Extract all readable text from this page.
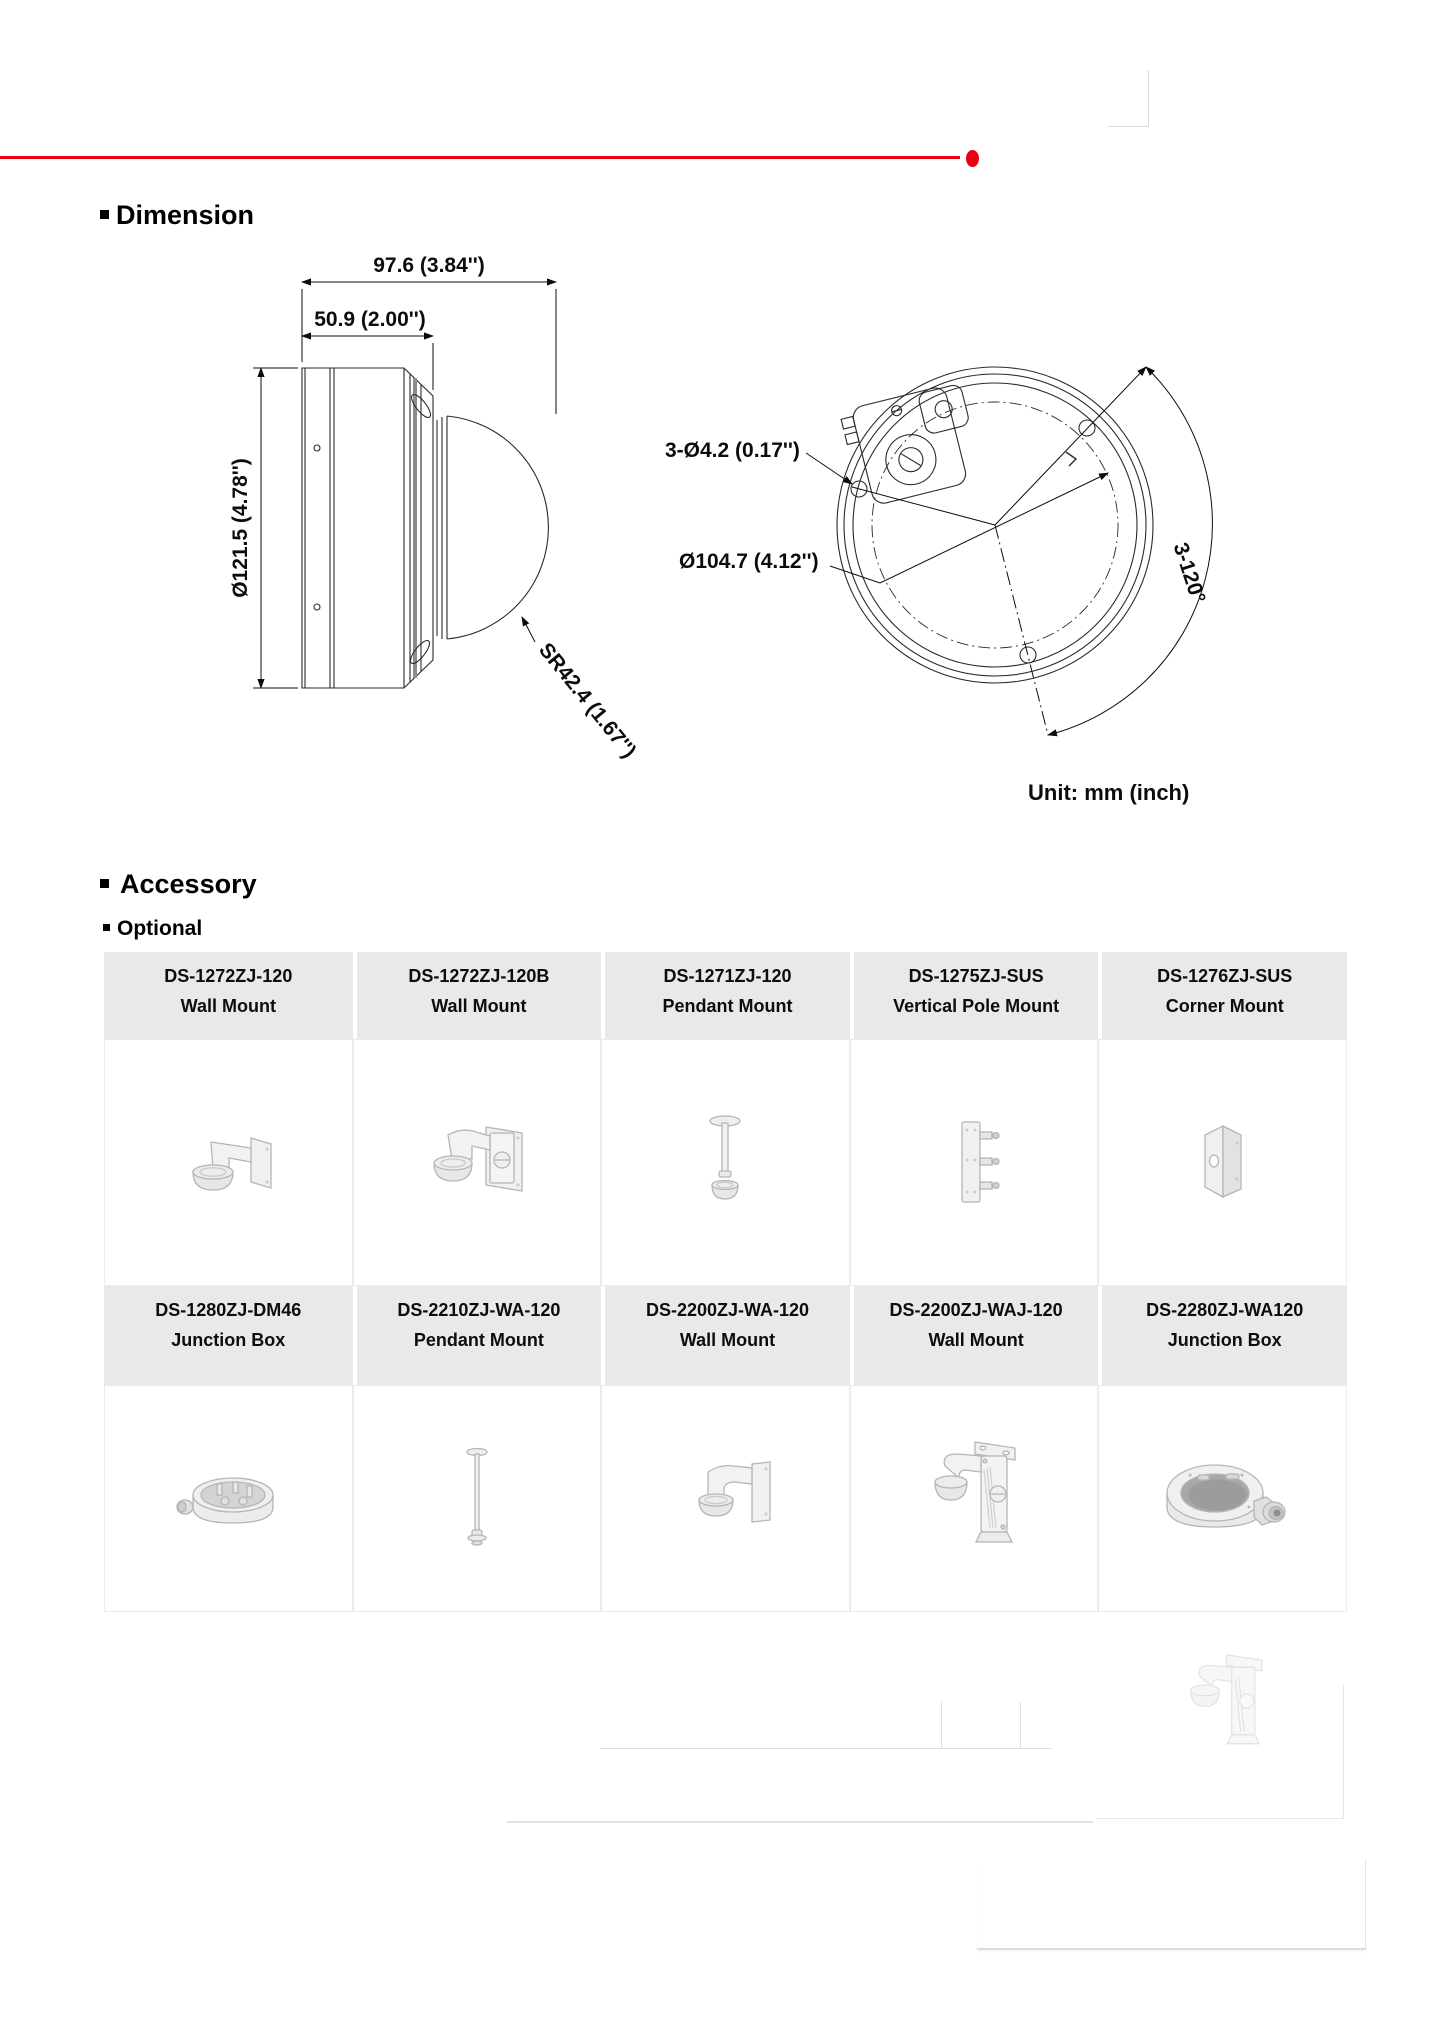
Dimension
97.6 (3.84'')
50.9 (2.00'')
Ø121.5 (4.78'')
SR42.4 (1.67'')
3-Ø4.2 (0.17'')
Ø104.7 (4.12'')	3-120°
Unit: mm (inch)
Accessory
Optional
DS-1272ZJ-120
Wall Mount
DS-1272ZJ-120B
Wall Mount
DS-1271ZJ-120
Pendant Mount
DS-1275ZJ-SUS
Vertical Pole Mount
DS-1276ZJ-SUS
Corner Mount
DS-1280ZJ-DM46
Junction Box
DS-2210ZJ-WA-120
Pendant Mount
DS-2200ZJ-WA-120
Wall Mount
DS-2200ZJ-WAJ-120
Wall Mount
DS-2280ZJ-WA120
Junction Box
